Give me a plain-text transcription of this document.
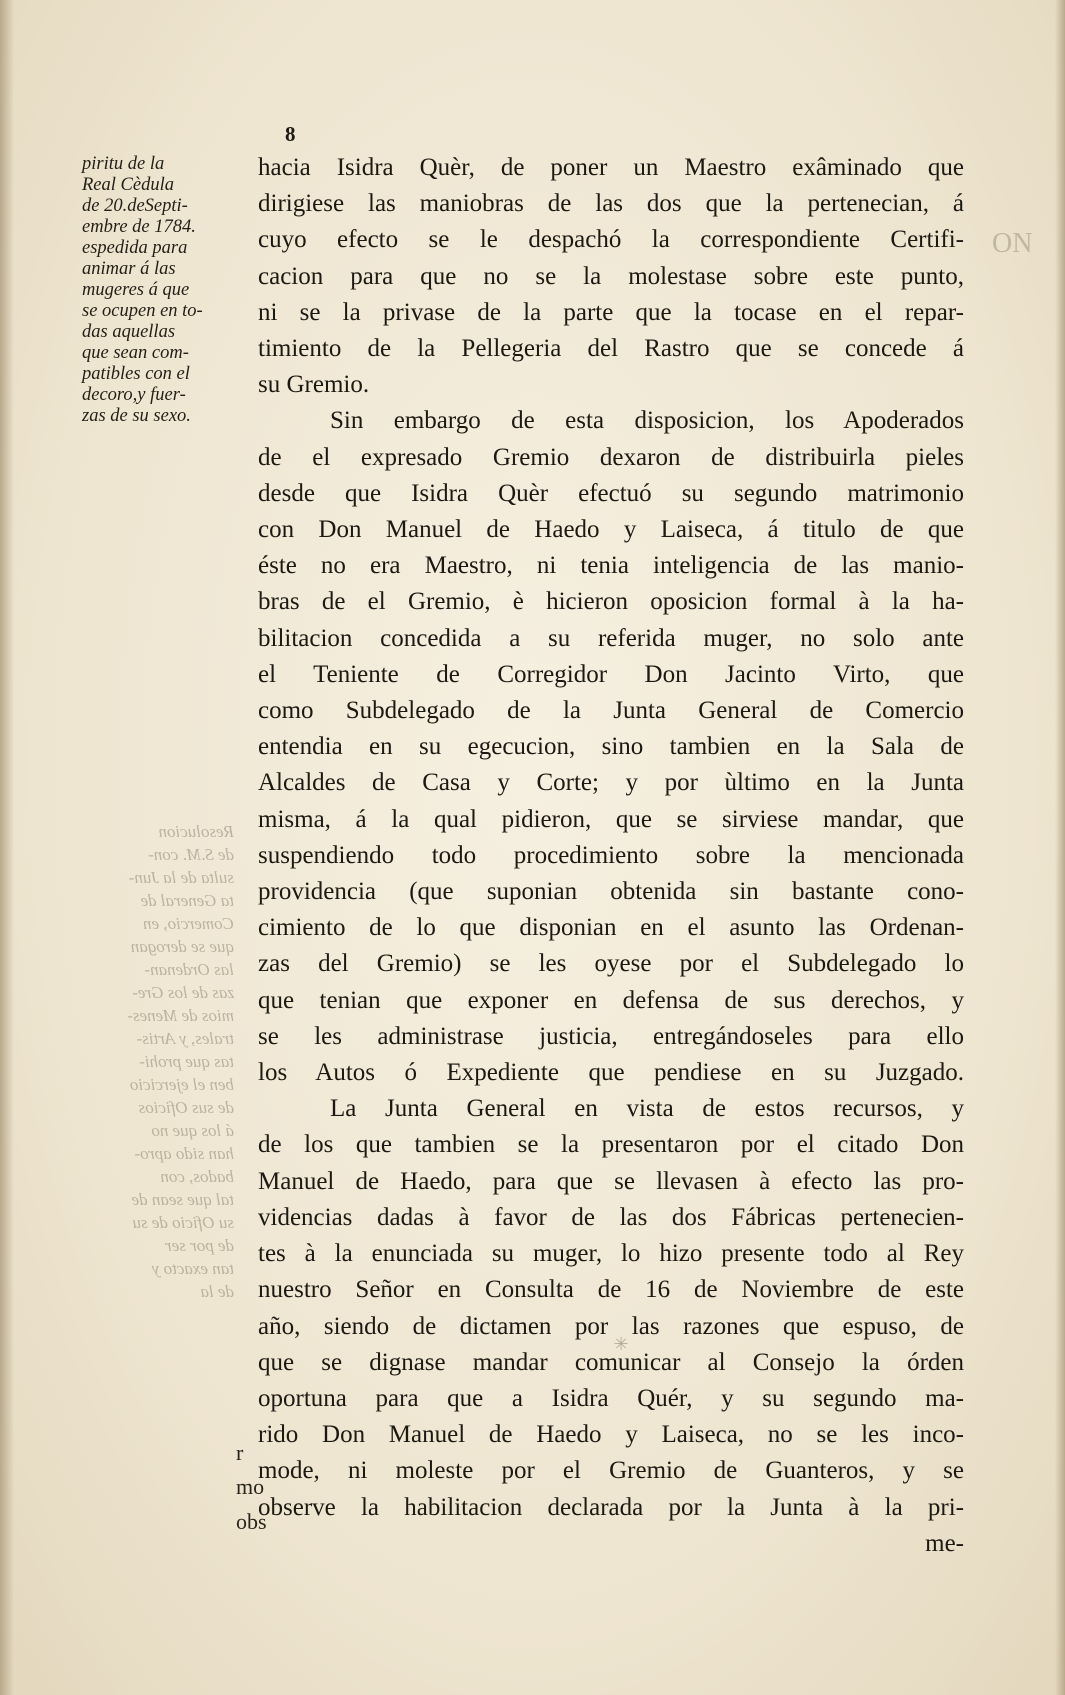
8

piritu de la
Real Cèdula
de 20.deSepti-
embre de 1784.
espedida para
animar á las
mugeres á que
se ocupen en to-
das aquellas
que sean com-
patibles con el
decoro,y fuer-
zas de su sexo.

Resolucion
de S.M. con-
sulta de la Jun-
ta General de
Comercio, en
que se derogan
las Ordenan-
zas de los Gre-
mios de Menes-
trales, y Artis-
tas que prohi-
ben el ejercicio
de sus Oficios
á los que no
han sido apro-
bados, con
tal que sean de
su Oficio de su
de por ser
tan exacto y
de la

hacia Isidra Quèr, de poner un Maestro exâminado que
dirigiese las maniobras de las dos que la pertenecian, á
cuyo efecto se le despachó la correspondiente Certifi-
cacion para que no se la molestase sobre este punto,
ni se la privase de la parte que la tocase en el repar-
timiento de la Pellegeria del Rastro que se concede á
su Gremio.
Sin embargo de esta disposicion, los Apoderados
de el expresado Gremio dexaron de distribuirla pieles
desde que Isidra Quèr efectuó su segundo matrimonio
con Don Manuel de Haedo y Laiseca, á titulo de que
éste no era Maestro, ni tenia inteligencia de las manio-
bras de el Gremio, è hicieron oposicion formal à la ha-
bilitacion concedida a su referida muger, no solo ante
el Teniente de Corregidor Don Jacinto Virto, que
como Subdelegado de la Junta General de Comercio
entendia en su egecucion, sino tambien en la Sala de
Alcaldes de Casa y Corte; y por ùltimo en la Junta
misma, á la qual pidieron, que se sirviese mandar, que
suspendiendo todo procedimiento sobre la mencionada
providencia (que suponian obtenida sin bastante cono-
cimiento de lo que disponian en el asunto las Ordenan-
zas del Gremio) se les oyese por el Subdelegado lo
que tenian que exponer en defensa de sus derechos, y
se les administrase justicia, entregándoseles para ello
los Autos ó Expediente que pendiese en su Juzgado.
La Junta General en vista de estos recursos, y
de los que tambien se la presentaron por el citado Don
Manuel de Haedo, para que se llevasen à efecto las pro-
videncias dadas à favor de las dos Fábricas pertenecien-
tes à la enunciada su muger, lo hizo presente todo al Rey
nuestro Señor en Consulta de 16 de Noviembre de este
año, siendo de dictamen por las razones que espuso, de
que se dignase mandar comunicar al Consejo la órden
oportuna para que a Isidra Quér, y su segundo ma-
rido Don Manuel de Haedo y Laiseca, no se les inco-
mode, ni moleste por el Gremio de Guanteros, y se
observe la habilitacion declarada por la Junta à la pri-
me-

r

mo

obs

ON

✳
